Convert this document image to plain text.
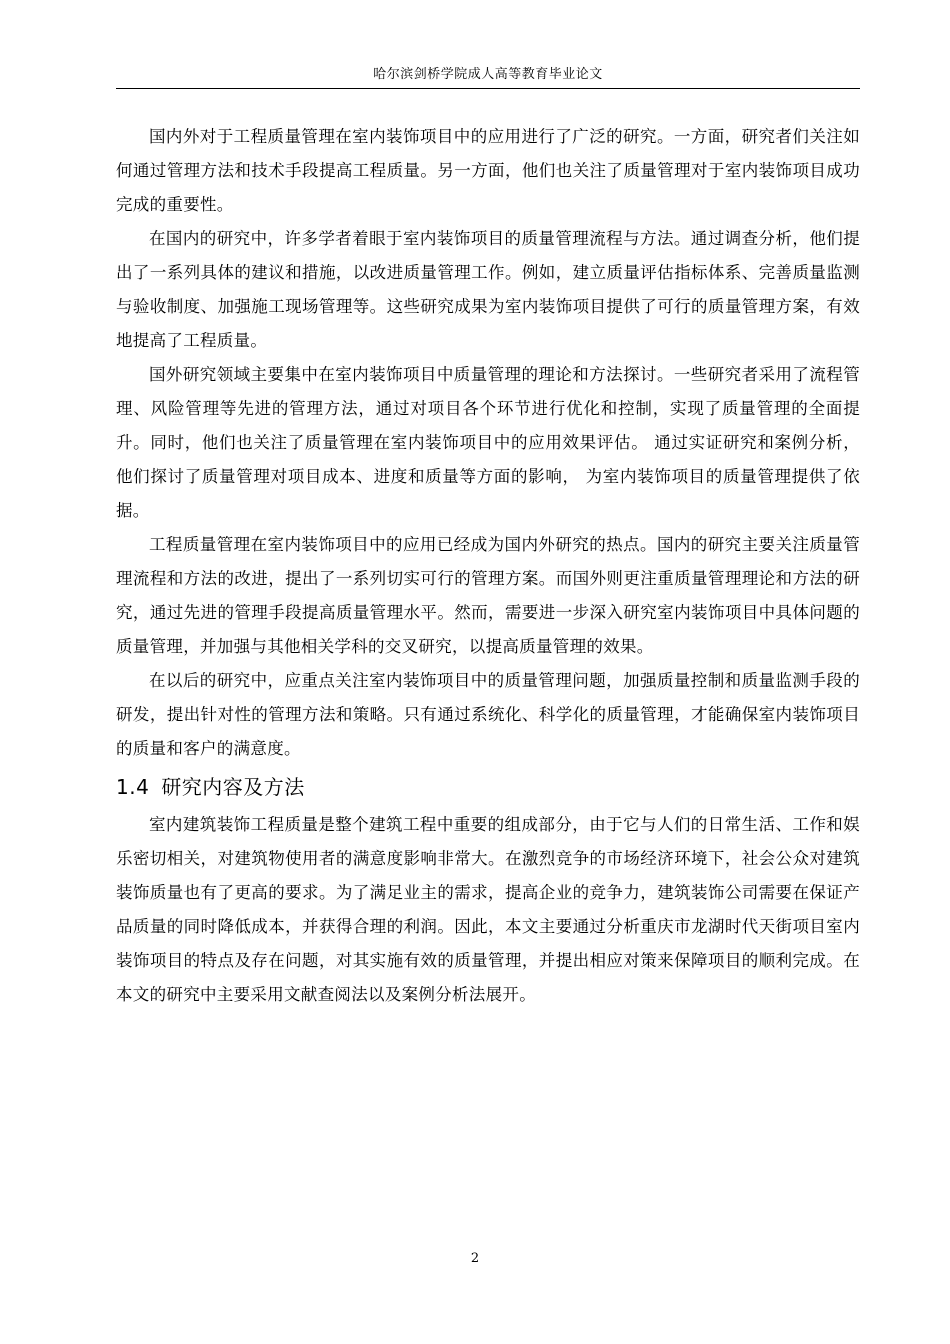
哈尔滨剑桥学院成人高等教育毕业论文

国内外对于工程质量管理在室内装饰项目中的应用进行了广泛的研究。一方面，研究者们关注如何通过管理方法和技术手段提高工程质量。另一方面，他们也关注了质量管理对于室内装饰项目成功完成的重要性。

在国内的研究中，许多学者着眼于室内装饰项目的质量管理流程与方法。通过调查分析，他们提出了一系列具体的建议和措施，以改进质量管理工作。例如，建立质量评估指标体系、完善质量监测与验收制度、加强施工现场管理等。这些研究成果为室内装饰项目提供了可行的质量管理方案，有效地提高了工程质量。

国外研究领域主要集中在室内装饰项目中质量管理的理论和方法探讨。一些研究者采用了流程管理、风险管理等先进的管理方法，通过对项目各个环节进行优化和控制，实现了质量管理的全面提升。同时，他们也关注了质量管理在室内装饰项目中的应用效果评估。 通过实证研究和案例分析，他们探讨了质量管理对项目成本、进度和质量等方面的影响， 为室内装饰项目的质量管理提供了依据。

工程质量管理在室内装饰项目中的应用已经成为国内外研究的热点。国内的研究主要关注质量管理流程和方法的改进，提出了一系列切实可行的管理方案。而国外则更注重质量管理理论和方法的研究，通过先进的管理手段提高质量管理水平。然而，需要进一步深入研究室内装饰项目中具体问题的质量管理，并加强与其他相关学科的交叉研究，以提高质量管理的效果。

在以后的研究中，应重点关注室内装饰项目中的质量管理问题，加强质量控制和质量监测手段的研发，提出针对性的管理方法和策略。只有通过系统化、科学化的质量管理，才能确保室内装饰项目的质量和客户的满意度。

1.4 研究内容及方法

室内建筑装饰工程质量是整个建筑工程中重要的组成部分，由于它与人们的日常生活、工作和娱乐密切相关，对建筑物使用者的满意度影响非常大。在激烈竞争的市场经济环境下，社会公众对建筑装饰质量也有了更高的要求。为了满足业主的需求，提高企业的竞争力，建筑装饰公司需要在保证产品质量的同时降低成本，并获得合理的利润。因此，本文主要通过分析重庆市龙湖时代天街项目室内装饰项目的特点及存在问题，对其实施有效的质量管理，并提出相应对策来保障项目的顺利完成。在本文的研究中主要采用文献查阅法以及案例分析法展开。

2
